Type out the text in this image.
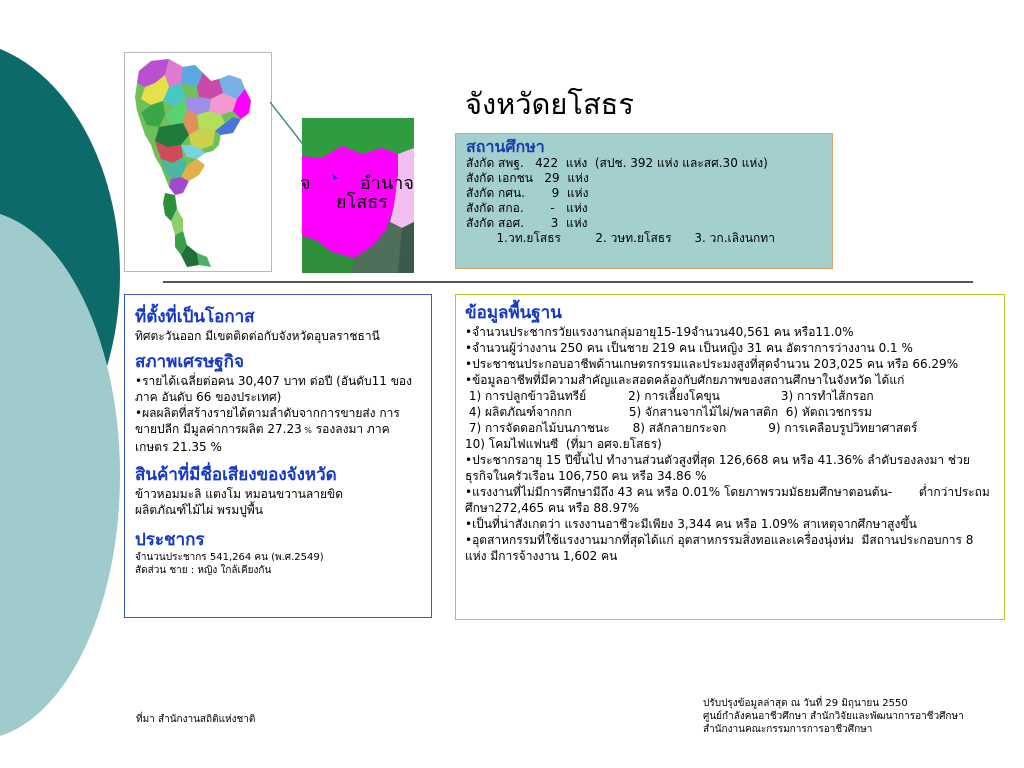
จ	อำนาจ
ยโสธร
จังหวัดยโสธร
สถานศึกษา
สังกัด สพฐ.   422  แห่ง  (สปช. 392 แห่ง และสศ.30 แห่ง)
สังกัด เอกชน   29  แห่ง
สังกัด กศน.       9  แห่ง
สังกัด สกอ.       -   แห่ง
สังกัด สอศ.       3  แห่ง
1.วท.ยโสธร         2. วษท.ยโสธร      3. วก.เลิงนกทา

ที่ตั้งที่เป็นโอกาส

ทิศตะวันออก มีเขตติดต่อกับจังหวัดอุบลราชธานี

สภาพเศรษฐกิจ

•รายได้เฉลี่ยต่อคน 30,407 บาท ต่อปี (อันดับ11 ของภาค อันดับ 66 ของประเทศ)

•ผลผลิตที่สร้างรายได้ตามลำดับจากการขายส่ง การขายปลีก มีมูลค่าการผลิต 27.23 % รองลงมา ภาคเกษตร 21.35 %

สินค้าที่มีชื่อเสียงของจังหวัด

ข้าวหอมมะลิ แตงโม หมอนขวานลายขิด

ผลิตภัณฑ์ไม้ไผ่ พรมปูพื้น

ประชากร

จำนวนประชากร 541,264 คน (พ.ศ.2549)

สัดส่วน ชาย : หญิง ใกล้เคียงกัน

ข้อมูลพื้นฐาน

•จำนวนประชากรวัยแรงงานกลุ่มอายุ15-19จำนวน40,561 คน หรือ11.0%

•จำนวนผู้ว่างงาน 250 คน เป็นชาย 219 คน เป็นหญิง 31 คน อัตราการว่างงาน 0.1 %

•ประชาชนประกอบอาชีพด้านเกษตรกรรมและประมงสูงที่สุดจำนวน 203,025 คน หรือ 66.29%

•ข้อมูลอาชีพที่มีความสำคัญและสอดคล้องกับศักยภาพของสถานศึกษาในจังหวัด ได้แก่

1) การปลูกข้าวอินทรีย์           2) การเลี้ยงโคขุน                3) การทำไส้กรอก

4) ผลิตภัณฑ์จากกก               5) จักสานจากไม้ไผ่/พลาสติก  6) หัตถเวชกรรม

7) การจัดดอกไม้บนภาชนะ      8) สลักลายกระจก           9) การเคลือบรูปวิทยาศาสตร์

10) โคมไฟแฟนซี  (ที่มา อศจ.ยโสธร)

•ประชากรอายุ 15 ปีขึ้นไป ทำงานส่วนตัวสูงที่สุด 126,668 คน หรือ 41.36% ลำดับรองลงมา ช่วยธุรกิจในครัวเรือน 106,750 คน หรือ 34.86 %

•แรงงานที่ไม่มีการศึกษามีถึง 43 คน หรือ 0.01% โดยภาพรวมมัธยมศึกษาตอนต้น-       ต่ำกว่าประถมศึกษา272,465 คน หรือ 88.97%

•เป็นที่น่าสังเกตว่า แรงงานอาชีวะมีเพียง 3,344 คน หรือ 1.09% สาเหตุจากศึกษาสูงขึ้น

•อุตสาหกรรมที่ใช้แรงงานมากที่สุดได้แก่ อุตสาหกรรมสิ่งทอและเครื่องนุ่งห่ม  มีสถานประกอบการ 8 แห่ง มีการจ้างงาน 1,602 คน

ที่มา สำนักงานสถิติแห่งชาติ
ปรับปรุงข้อมูลล่าสุด ณ วันที่ 29 มิถุนายน 2550
ศูนย์กำลังคนอาชีวศึกษา สำนักวิจัยและพัฒนาการอาชีวศึกษา
สำนักงานคณะกรรมการการอาชีวศึกษา
